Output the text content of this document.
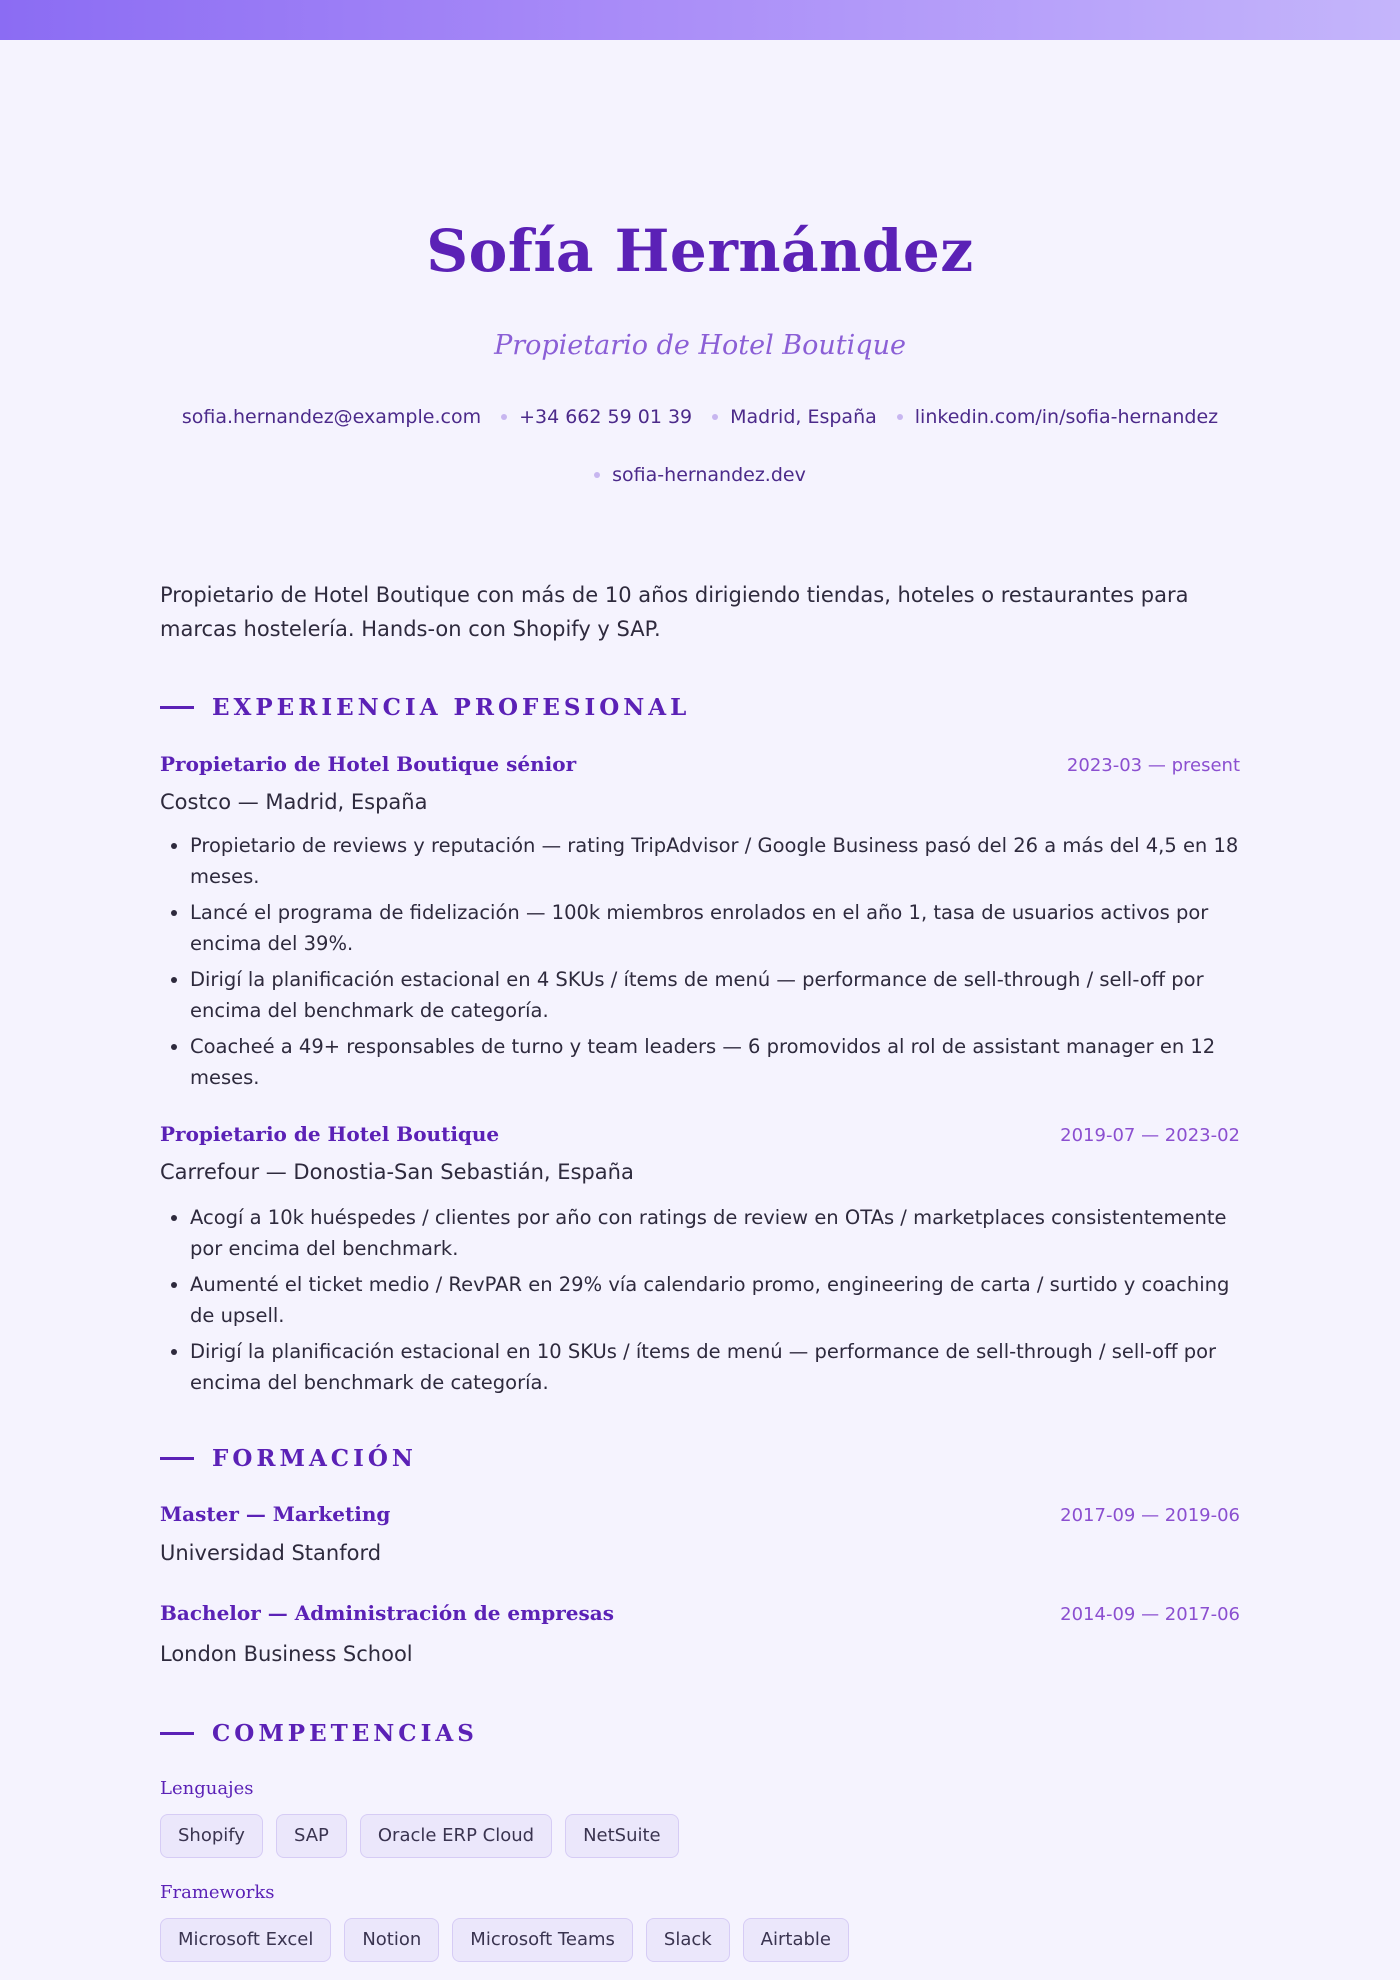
Sofía Hernández
Propietario de Hotel Boutique
sofia.hernandez@example.com +34 662 59 01 39 Madrid, España linkedin.com/in/sofia-hernandez
sofia-hernandez.dev
Propietario de Hotel Boutique con más de 10 años dirigiendo tiendas, hoteles o restaurantes para marcas hostelería. Hands-on con Shopify y SAP.
EXPERIENCIA PROFESIONAL
Propietario de Hotel Boutique sénior	2023-03 — present
Costco — Madrid, España
• Propietario de reviews y reputación — rating TripAdvisor / Google Business pasó del 26 a más del 4,5 en 18 meses.
• Lancé el programa de fidelización — 100k miembros enrolados en el año 1, tasa de usuarios activos por encima del 39%.
• Dirigí la planificación estacional en 4 SKUs / ítems de menú — performance de sell-through / sell-off por encima del benchmark de categoría.
• Coacheé a 49+ responsables de turno y team leaders — 6 promovidos al rol de assistant manager en 12 meses.
Propietario de Hotel Boutique	2019-07 — 2023-02
Carrefour — Donostia-San Sebastián, España
• Acogí a 10k huéspedes / clientes por año con ratings de review en OTAs / marketplaces consistentemente por encima del benchmark.
• Aumenté el ticket medio / RevPAR en 29% vía calendario promo, engineering de carta / surtido y coaching de upsell.
• Dirigí la planificación estacional en 10 SKUs / ítems de menú — performance de sell-through / sell-off por encima del benchmark de categoría.
FORMACIÓN
Master — Marketing	2017-09 — 2019-06
Universidad Stanford
Bachelor — Administración de empresas	2014-09 — 2017-06
London Business School
COMPETENCIAS
Lenguajes
Shopify	SAP	Oracle ERP Cloud	NetSuite
Frameworks
Microsoft Excel	Notion	Microsoft Teams	Slack	Airtable
